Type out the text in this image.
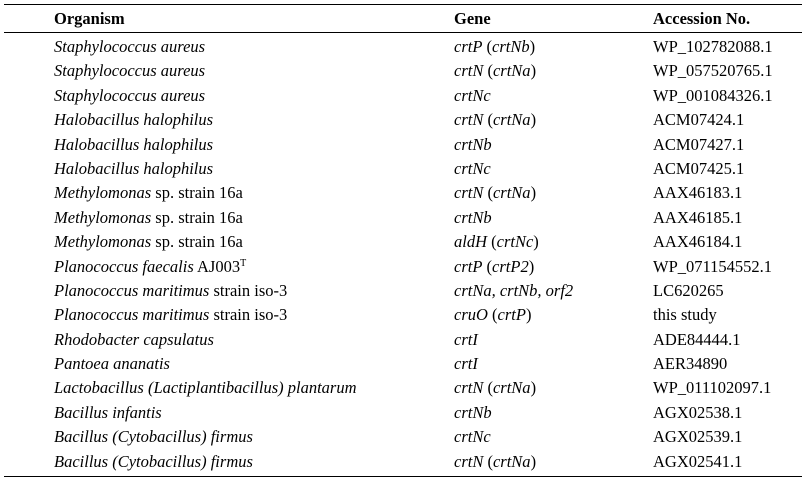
Organism	Gene	Accession No.
Staphylococcus aureus	crtP (crtNb)	WP_102782088.1
Staphylococcus aureus	crtN (crtNa)	WP_057520765.1
Staphylococcus aureus	crtNc	WP_001084326.1
Halobacillus halophilus	crtN (crtNa)	ACM07424.1
Halobacillus halophilus	crtNb	ACM07427.1
Halobacillus halophilus	crtNc	ACM07425.1
Methylomonas sp. strain 16a	crtN (crtNa)	AAX46183.1
Methylomonas sp. strain 16a	crtNb	AAX46185.1
Methylomonas sp. strain 16a	aldH (crtNc)	AAX46184.1
Planococcus faecalis $AJ003^T$	crtP (crtP2)	WP_071154552.1
Planococcus maritimus strain iso-3	crtNa, crtNb, orf2	LC620265
Planococcus maritimus strain iso-3	cruO (crtP)	this study
Rhodobacter capsulatus	crtI	ADE84444.1
Pantoea ananatis	crtI	AER34890
Lactobacillus (Lactiplantibacillus) plantarum	crtN (crtNa)	WP_011102097.1
Bacillus infantis	crtNb	AGX02538.1
Bacillus (Cytobacillus) firmus	crtNc	AGX02539.1
Bacillus (Cytobacillus) firmus	crtN (crtNa)	AGX02541.1
